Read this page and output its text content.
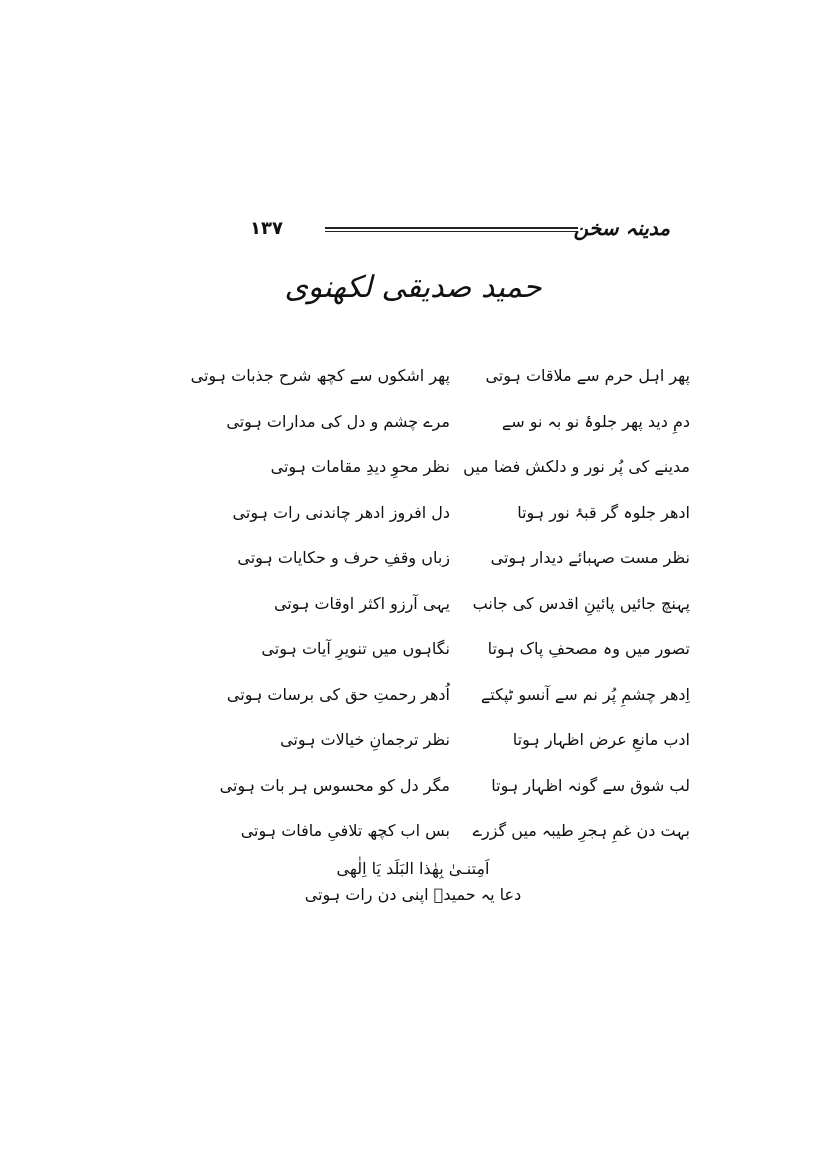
۱۳۷	مدینہ سخن
حمید صدیقی لکھنوی
پھر اہل حرم سے ملاقات ہوتی
پھر اشکوں سے کچھ شرح جذبات ہوتی
دمِ دید پھر جلوۂ نو بہ نو سے
مرے چشم و دل کی مدارات ہوتی
مدینے کی پُر نور و دلکش فضا میں
نظر محوِ دیدِ مقامات ہوتی
ادھر جلوہ گر قبۂ نور ہوتا
دل افروز ادھر چاندنی رات ہوتی
نظر مست صہبائے دیدار ہوتی
زباں وقفِ حرف و حکایات ہوتی
پہنچ جائیں پائینِ اقدس کی جانب
یہی آرزو اکثر اوقات ہوتی
تصور میں وہ مصحفِ پاک ہوتا
نگاہوں میں تنویرِ آیات ہوتی
اِدھر چشمِ پُر نم سے آنسو ٹپکتے
اُدھر رحمتِ حق کی برسات ہوتی
ادب مانعِ عرض اظہار ہوتا
نظر ترجمانِ خیالات ہوتی
لب شوق سے گونہ اظہار ہوتا
مگر دل کو محسوس ہر بات ہوتی
بہت دن غمِ ہجرِ طیبہ میں گزرے
بس اب کچھ تلافیِ مافات ہوتی
اَمِتنـیٰ بِھٰذا البَلَد یَا اِلٰھی
دعا یہ حمیدؔ اپنی دن رات ہوتی
